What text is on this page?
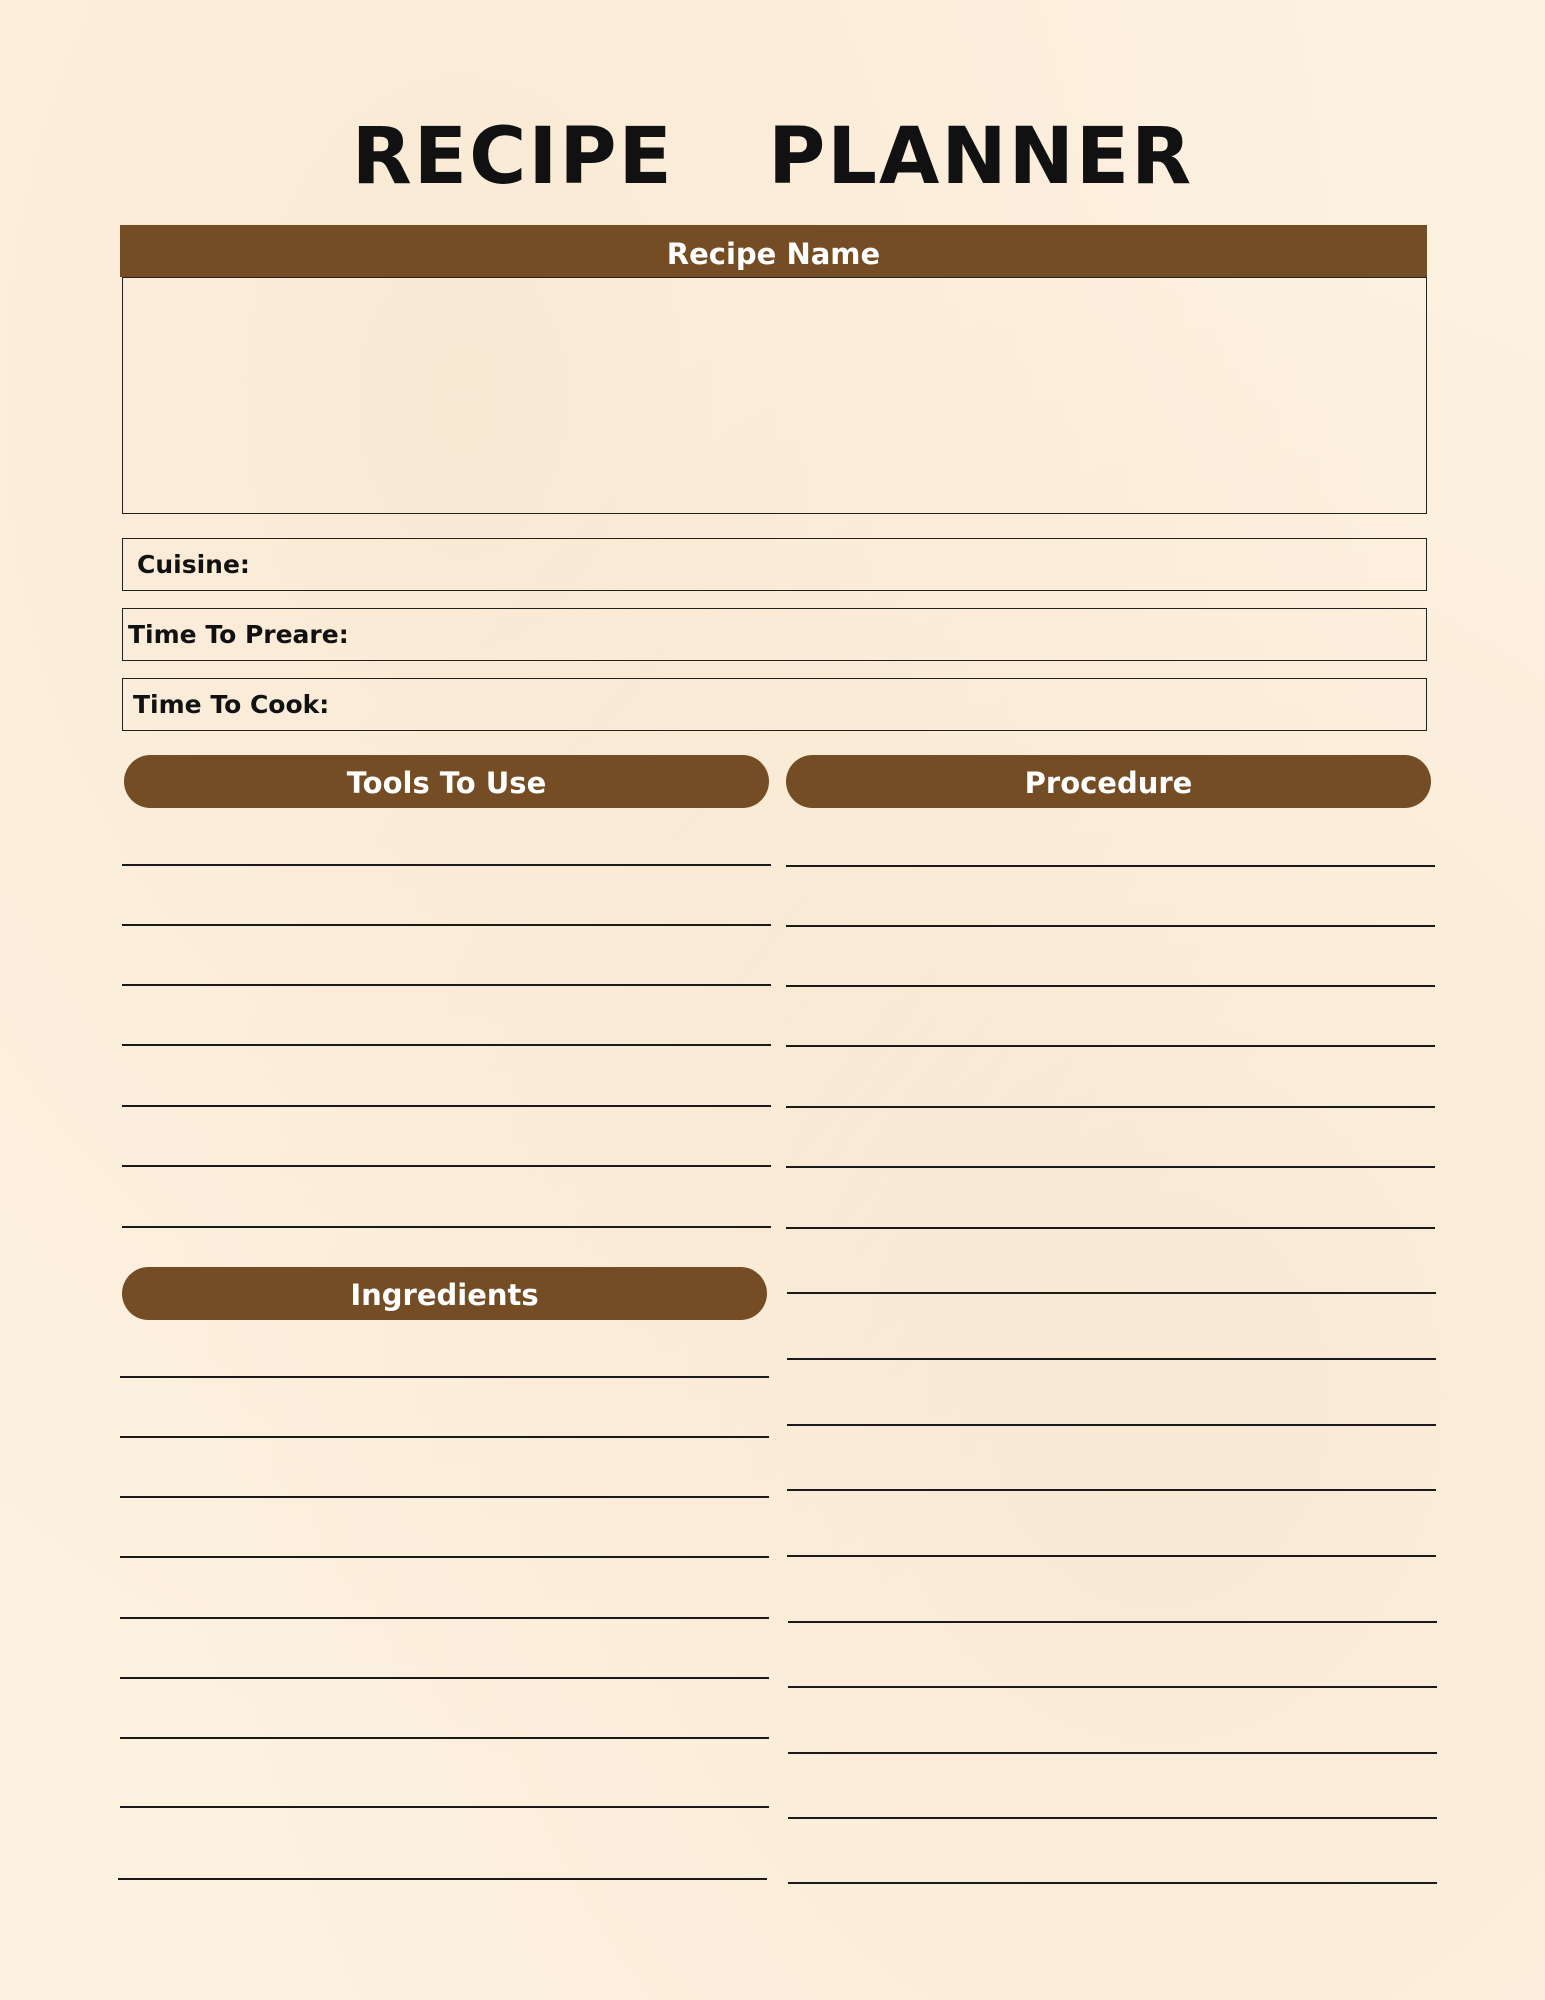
RECIPE  PLANNER
Recipe Name
Cuisine:
Time To Preare:
Time To Cook:
Tools To Use	Procedure
Ingredients
